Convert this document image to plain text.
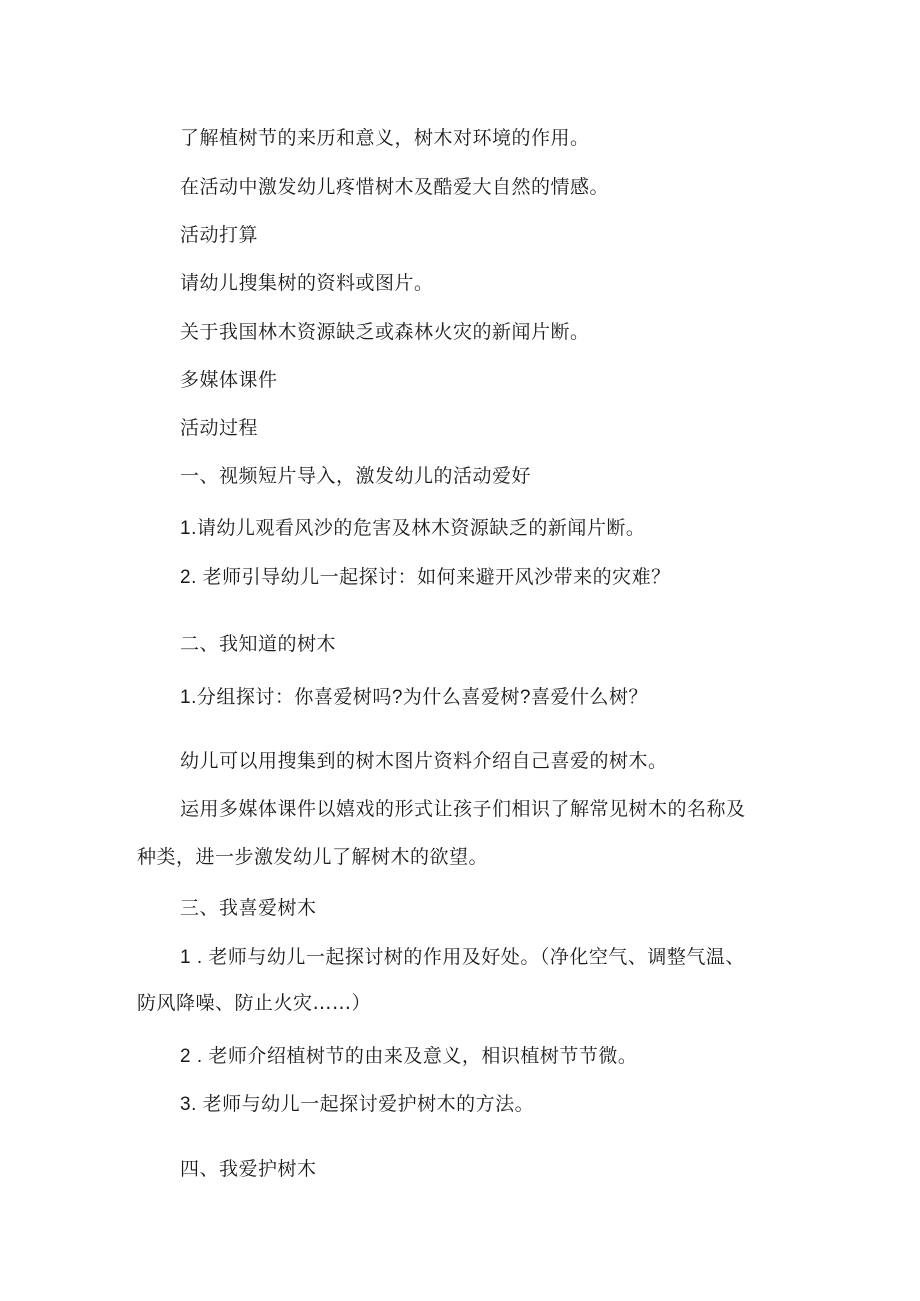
了解植树节的来历和意义，树木对环境的作用。
在活动中激发幼儿疼惜树木及酷爱大自然的情感。
活动打算
请幼儿搜集树的资料或图片。
关于我国林木资源缺乏或森林火灾的新闻片断。
多媒体课件
活动过程
一、视频短片导入，激发幼儿的活动爱好
1.请幼儿观看风沙的危害及林木资源缺乏的新闻片断。
2. 老师引导幼儿一起探讨：如何来避开风沙带来的灾难？
二、我知道的树木
1.分组探讨：你喜爱树吗?为什么喜爱树?喜爱什么树？
幼儿可以用搜集到的树木图片资料介绍自己喜爱的树木。
运用多媒体课件以嬉戏的形式让孩子们相识了解常见树木的名称及
种类，进一步激发幼儿了解树木的欲望。
三、我喜爱树木
1 . 老师与幼儿一起探讨树的作用及好处。（净化空气、调整气温、
防风降噪、防止火灾……）
2 . 老师介绍植树节的由来及意义，相识植树节节微。
3. 老师与幼儿一起探讨爱护树木的方法。
四、我爱护树木
